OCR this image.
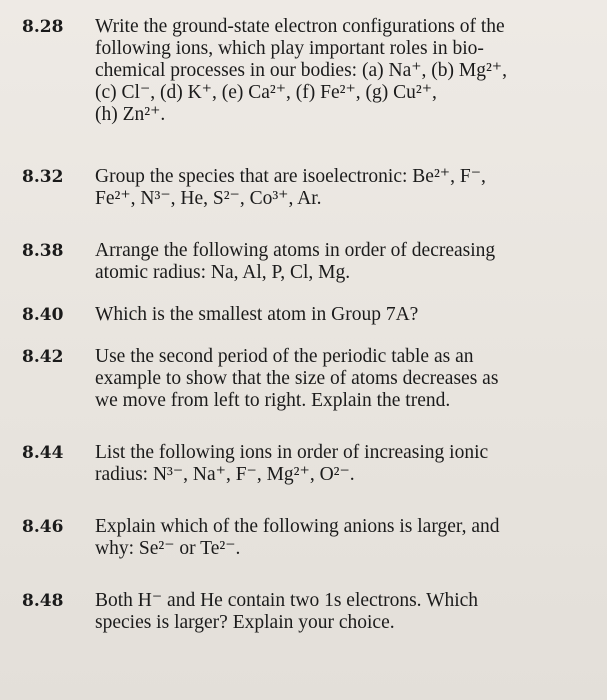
8.28 Write the ground-state electron configurations of the
following ions, which play important roles in bio-
chemical processes in our bodies: (a) Na⁺, (b) Mg²⁺,
(c) Cl⁻, (d) K⁺, (e) Ca²⁺, (f) Fe²⁺, (g) Cu²⁺,
(h) Zn²⁺.
8.32 Group the species that are isoelectronic: Be²⁺, F⁻,
Fe²⁺, N³⁻, He, S²⁻, Co³⁺, Ar.
8.38 Arrange the following atoms in order of decreasing
atomic radius: Na, Al, P, Cl, Mg.
8.40 Which is the smallest atom in Group 7A?
8.42 Use the second period of the periodic table as an
example to show that the size of atoms decreases as
we move from left to right. Explain the trend.
8.44 List the following ions in order of increasing ionic
radius: N³⁻, Na⁺, F⁻, Mg²⁺, O²⁻.
8.46 Explain which of the following anions is larger, and
why: Se²⁻ or Te²⁻.
8.48 Both H⁻ and He contain two 1s electrons. Which
species is larger? Explain your choice.
